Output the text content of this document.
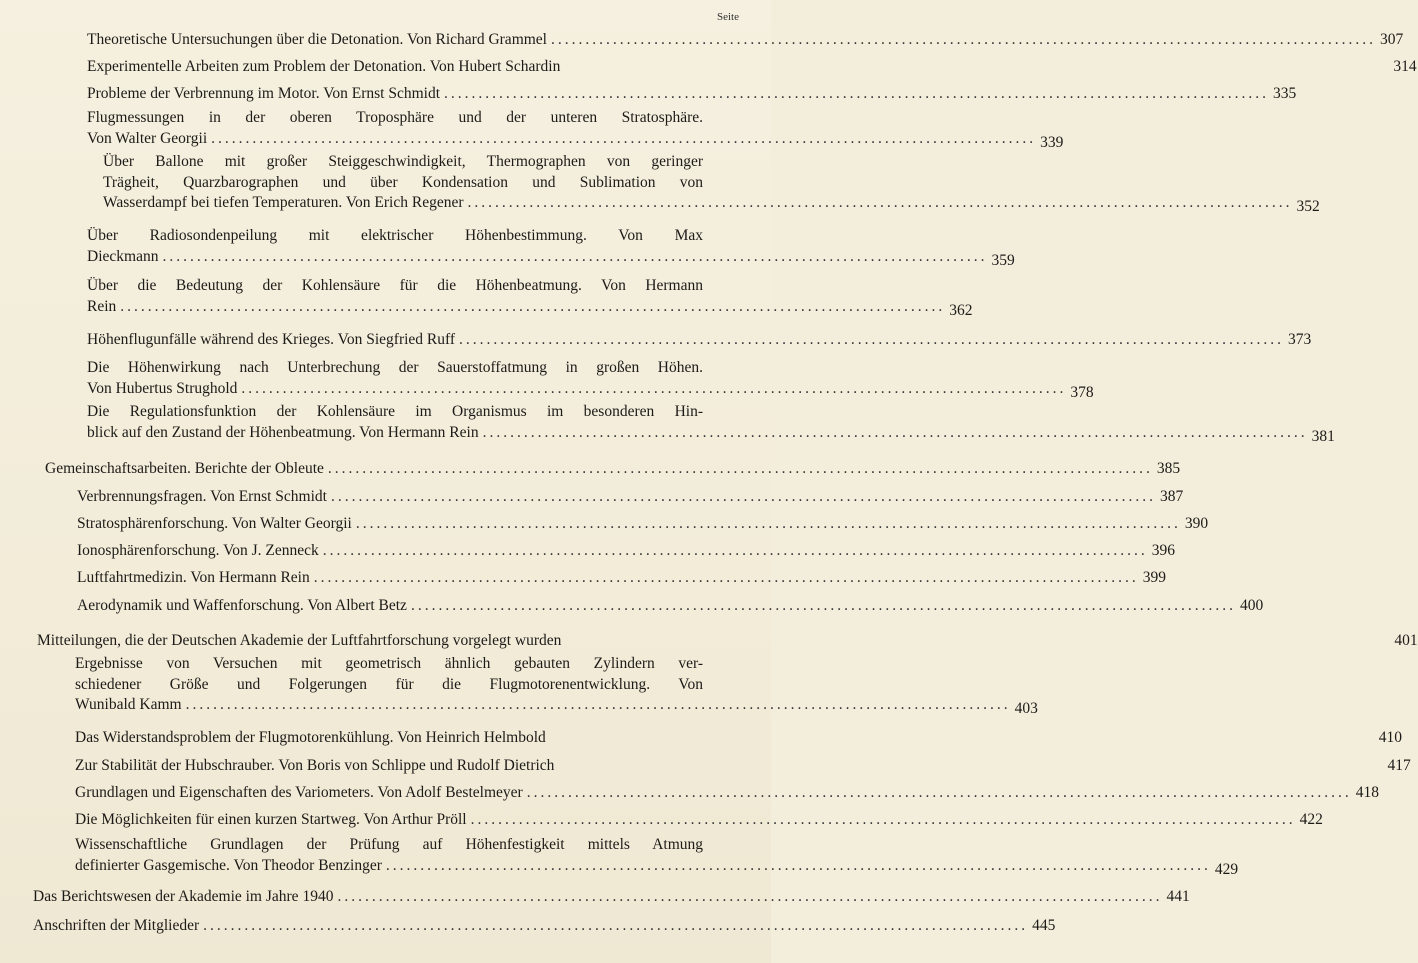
Seite
Theoretische Untersuchungen über die Detonation. Von Richard Grammel ........................................................................................................................ 307
Experimentelle Arbeiten zum Problem der Detonation. Von Hubert Schardin	314
Probleme der Verbrennung im Motor. Von Ernst Schmidt ........................................................................................................................ 335
Flugmessungen in der oberen Troposphäre und der unteren Stratosphäre.
Von Walter Georgii ........................................................................................................................ 339
Über Ballone mit großer Steiggeschwindigkeit, Thermographen von geringer
Trägheit, Quarzbarographen und über Kondensation und Sublimation von
Wasserdampf bei tiefen Temperaturen. Von Erich Regener ........................................................................................................................ 352
Über Radiosondenpeilung mit elektrischer Höhenbestimmung. Von Max
Dieckmann ........................................................................................................................ 359
Über die Bedeutung der Kohlensäure für die Höhenbeatmung. Von Hermann
Rein ........................................................................................................................ 362
Höhenflugunfälle während des Krieges. Von Siegfried Ruff ........................................................................................................................ 373
Die Höhenwirkung nach Unterbrechung der Sauerstoffatmung in großen Höhen.
Von Hubertus Strughold ........................................................................................................................ 378
Die Regulationsfunktion der Kohlensäure im Organismus im besonderen Hin-
blick auf den Zustand der Höhenbeatmung. Von Hermann Rein ........................................................................................................................ 381
Gemeinschaftsarbeiten. Berichte der Obleute ........................................................................................................................ 385
Verbrennungsfragen. Von Ernst Schmidt ........................................................................................................................ 387
Stratosphärenforschung. Von Walter Georgii ........................................................................................................................ 390
Ionosphärenforschung. Von J. Zenneck ........................................................................................................................ 396
Luftfahrtmedizin. Von Hermann Rein ........................................................................................................................ 399
Aerodynamik und Waffenforschung. Von Albert Betz ........................................................................................................................ 400
Mitteilungen, die der Deutschen Akademie der Luftfahrtforschung vorgelegt wurden	401
Ergebnisse von Versuchen mit geometrisch ähnlich gebauten Zylindern ver-
schiedener Größe und Folgerungen für die Flugmotorenentwicklung. Von
Wunibald Kamm ........................................................................................................................ 403
Das Widerstandsproblem der Flugmotorenkühlung. Von Heinrich Helmbold	410
Zur Stabilität der Hubschrauber. Von Boris von Schlippe und Rudolf Dietrich	417
Grundlagen und Eigenschaften des Variometers. Von Adolf Bestelmeyer ........................................................................................................................ 418
Die Möglichkeiten für einen kurzen Startweg. Von Arthur Pröll ........................................................................................................................ 422
Wissenschaftliche Grundlagen der Prüfung auf Höhenfestigkeit mittels Atmung
definierter Gasgemische. Von Theodor Benzinger ........................................................................................................................ 429
Das Berichtswesen der Akademie im Jahre 1940 ........................................................................................................................ 441
Anschriften der Mitglieder ........................................................................................................................ 445
